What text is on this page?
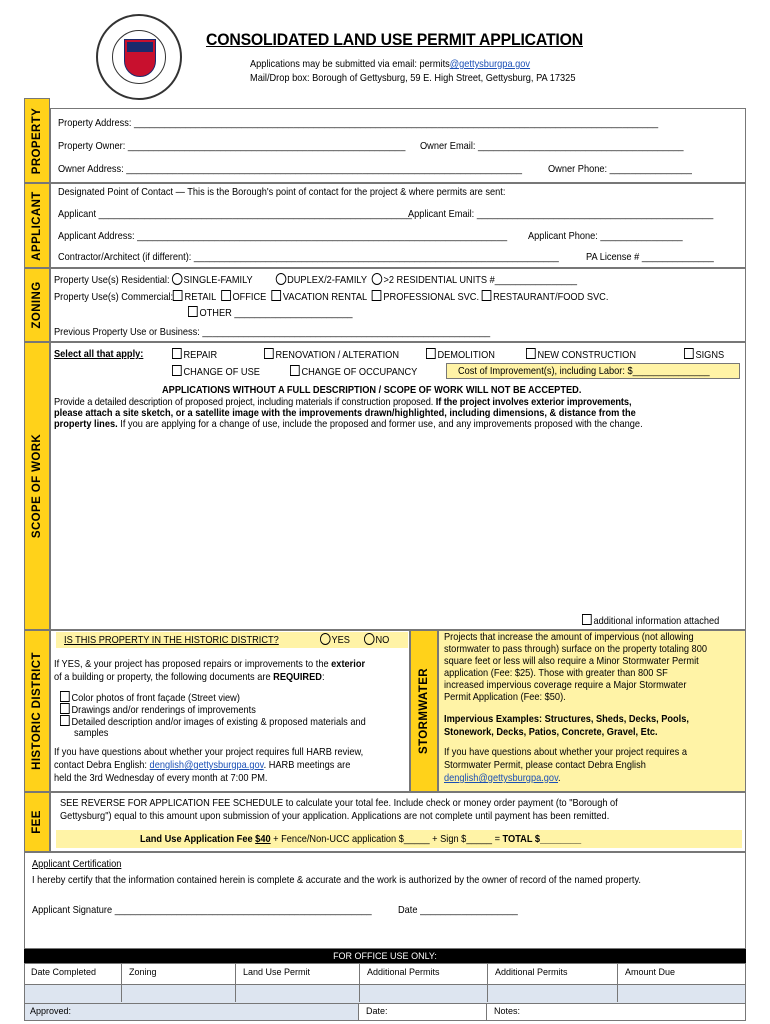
CONSOLIDATED LAND USE PERMIT APPLICATION
Applications may be submitted via email: permits@gettysburgpa.gov
Mail/Drop box: Borough of Gettysburg, 59 E. High Street, Gettysburg, PA 17325
PROPERTY Property Address: ______________________________________________________________________________________________________
Property Owner: ______________________________________________________ Owner Email: ________________________________________
Owner Address: _____________________________________________________________________________ Owner Phone: ________________
APPLICANT Designated Point of Contact — This is the Borough's point of contact for the project & where permits are sent:
Applicant _____________________________________________________________
Applicant Email: ______________________________________________
Applicant Address: ________________________________________________________________________ Applicant Phone: ________________
Contractor/Architect (if different): _______________________________________________________________________	PA License # ______________
ZONING
Property Use(s) Residential: SINGLE-FAMILY	DUPLEX/2-FAMILY >2 RESIDENTIAL UNITS #________________
Property Use(s) Commercial: RETAIL OFFICE VACATION RENTAL PROFESSIONAL SVC. RESTAURANT/FOOD SVC.
OTHER _______________________
Previous Property Use or Business: ________________________________________________________
SCOPE OF WORK
Select all that apply:	REPAIR	RENOVATION / ALTERATION	DEMOLITION	NEW CONSTRUCTION	SIGNS
CHANGE OF USE	CHANGE OF OCCUPANCY	Cost of Improvement(s), including Labor: $_______________
APPLICATIONS WITHOUT A FULL DESCRIPTION / SCOPE OF WORK WILL NOT BE ACCEPTED.
Provide a detailed description of proposed project, including materials if construction proposed. If the project involves exterior improvements,
please attach a site sketch, or a satellite image with the improvements drawn/highlighted, including dimensions, & distance from the
property lines. If you are applying for a change of use, include the proposed and former use, and any improvements proposed with the change.
additional information attached
HISTORIC DISTRICT
IS THIS PROPERTY IN THE HISTORIC DISTRICT?	YES	NO
If YES, & your project has proposed repairs or improvements to the exterior
of a building or property, the following documents are REQUIRED:
Color photos of front façade (Street view)
Drawings and/or renderings of improvements
Detailed description and/or images of existing & proposed materials and
samples
If you have questions about whether your project requires full HARB review,
contact Debra English: denglish@gettysburgpa.gov. HARB meetings are
held the 3rd Wednesday of every month at 7:00 PM.
STORMWATER
Projects that increase the amount of impervious (not allowing
stormwater to pass through) surface on the property totaling 800
square feet or less will also require a Minor Stormwater Permit
application (Fee: $25). Those with greater than 800 SF
increased impervious coverage require a Major Stormwater
Permit Application (Fee: $50).
Impervious Examples: Structures, Sheds, Decks, Pools,
Stonework, Decks, Patios, Concrete, Gravel, Etc.
If you have questions about whether your project requires a
Stormwater Permit, please contact Debra English
denglish@gettysburgpa.gov.
FEE
SEE REVERSE FOR APPLICATION FEE SCHEDULE to calculate your total fee. Include check or money order payment (to "Borough of
Gettysburg") equal to this amount upon submission of your application. Applications are not complete until payment has been remitted.
Land Use Application Fee $40 + Fence/Non-UCC application $_____ + Sign $_____ = TOTAL $________
Applicant Certification
I hereby certify that the information contained herein is complete & accurate and the work is authorized by the owner of record of the named property.
Applicant Signature __________________________________________________	Date ___________________
FOR OFFICE USE ONLY:
Date Completed	Zoning	Land Use Permit	Additional Permits	Additional Permits	Amount Due
Approved:	Date:	Notes:
